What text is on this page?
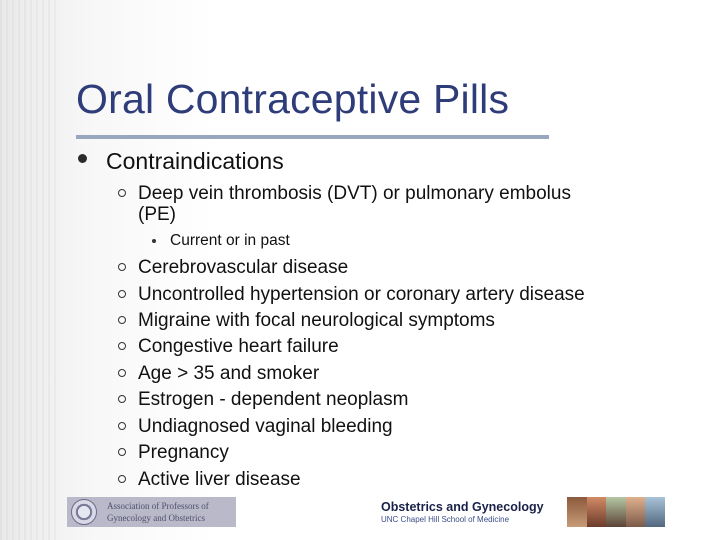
Oral Contraceptive Pills
Contraindications
Deep vein thrombosis (DVT) or pulmonary embolus
(PE)
Current or in past
Cerebrovascular disease
Uncontrolled hypertension or coronary artery disease
Migraine with focal neurological symptoms
Congestive heart failure
Age > 35 and smoker
Estrogen - dependent neoplasm
Undiagnosed vaginal bleeding
Pregnancy
Active liver disease
Association of Professors of
Gynecology and Obstetrics
Obstetrics and Gynecology
UNC Chapel Hill School of Medicine
